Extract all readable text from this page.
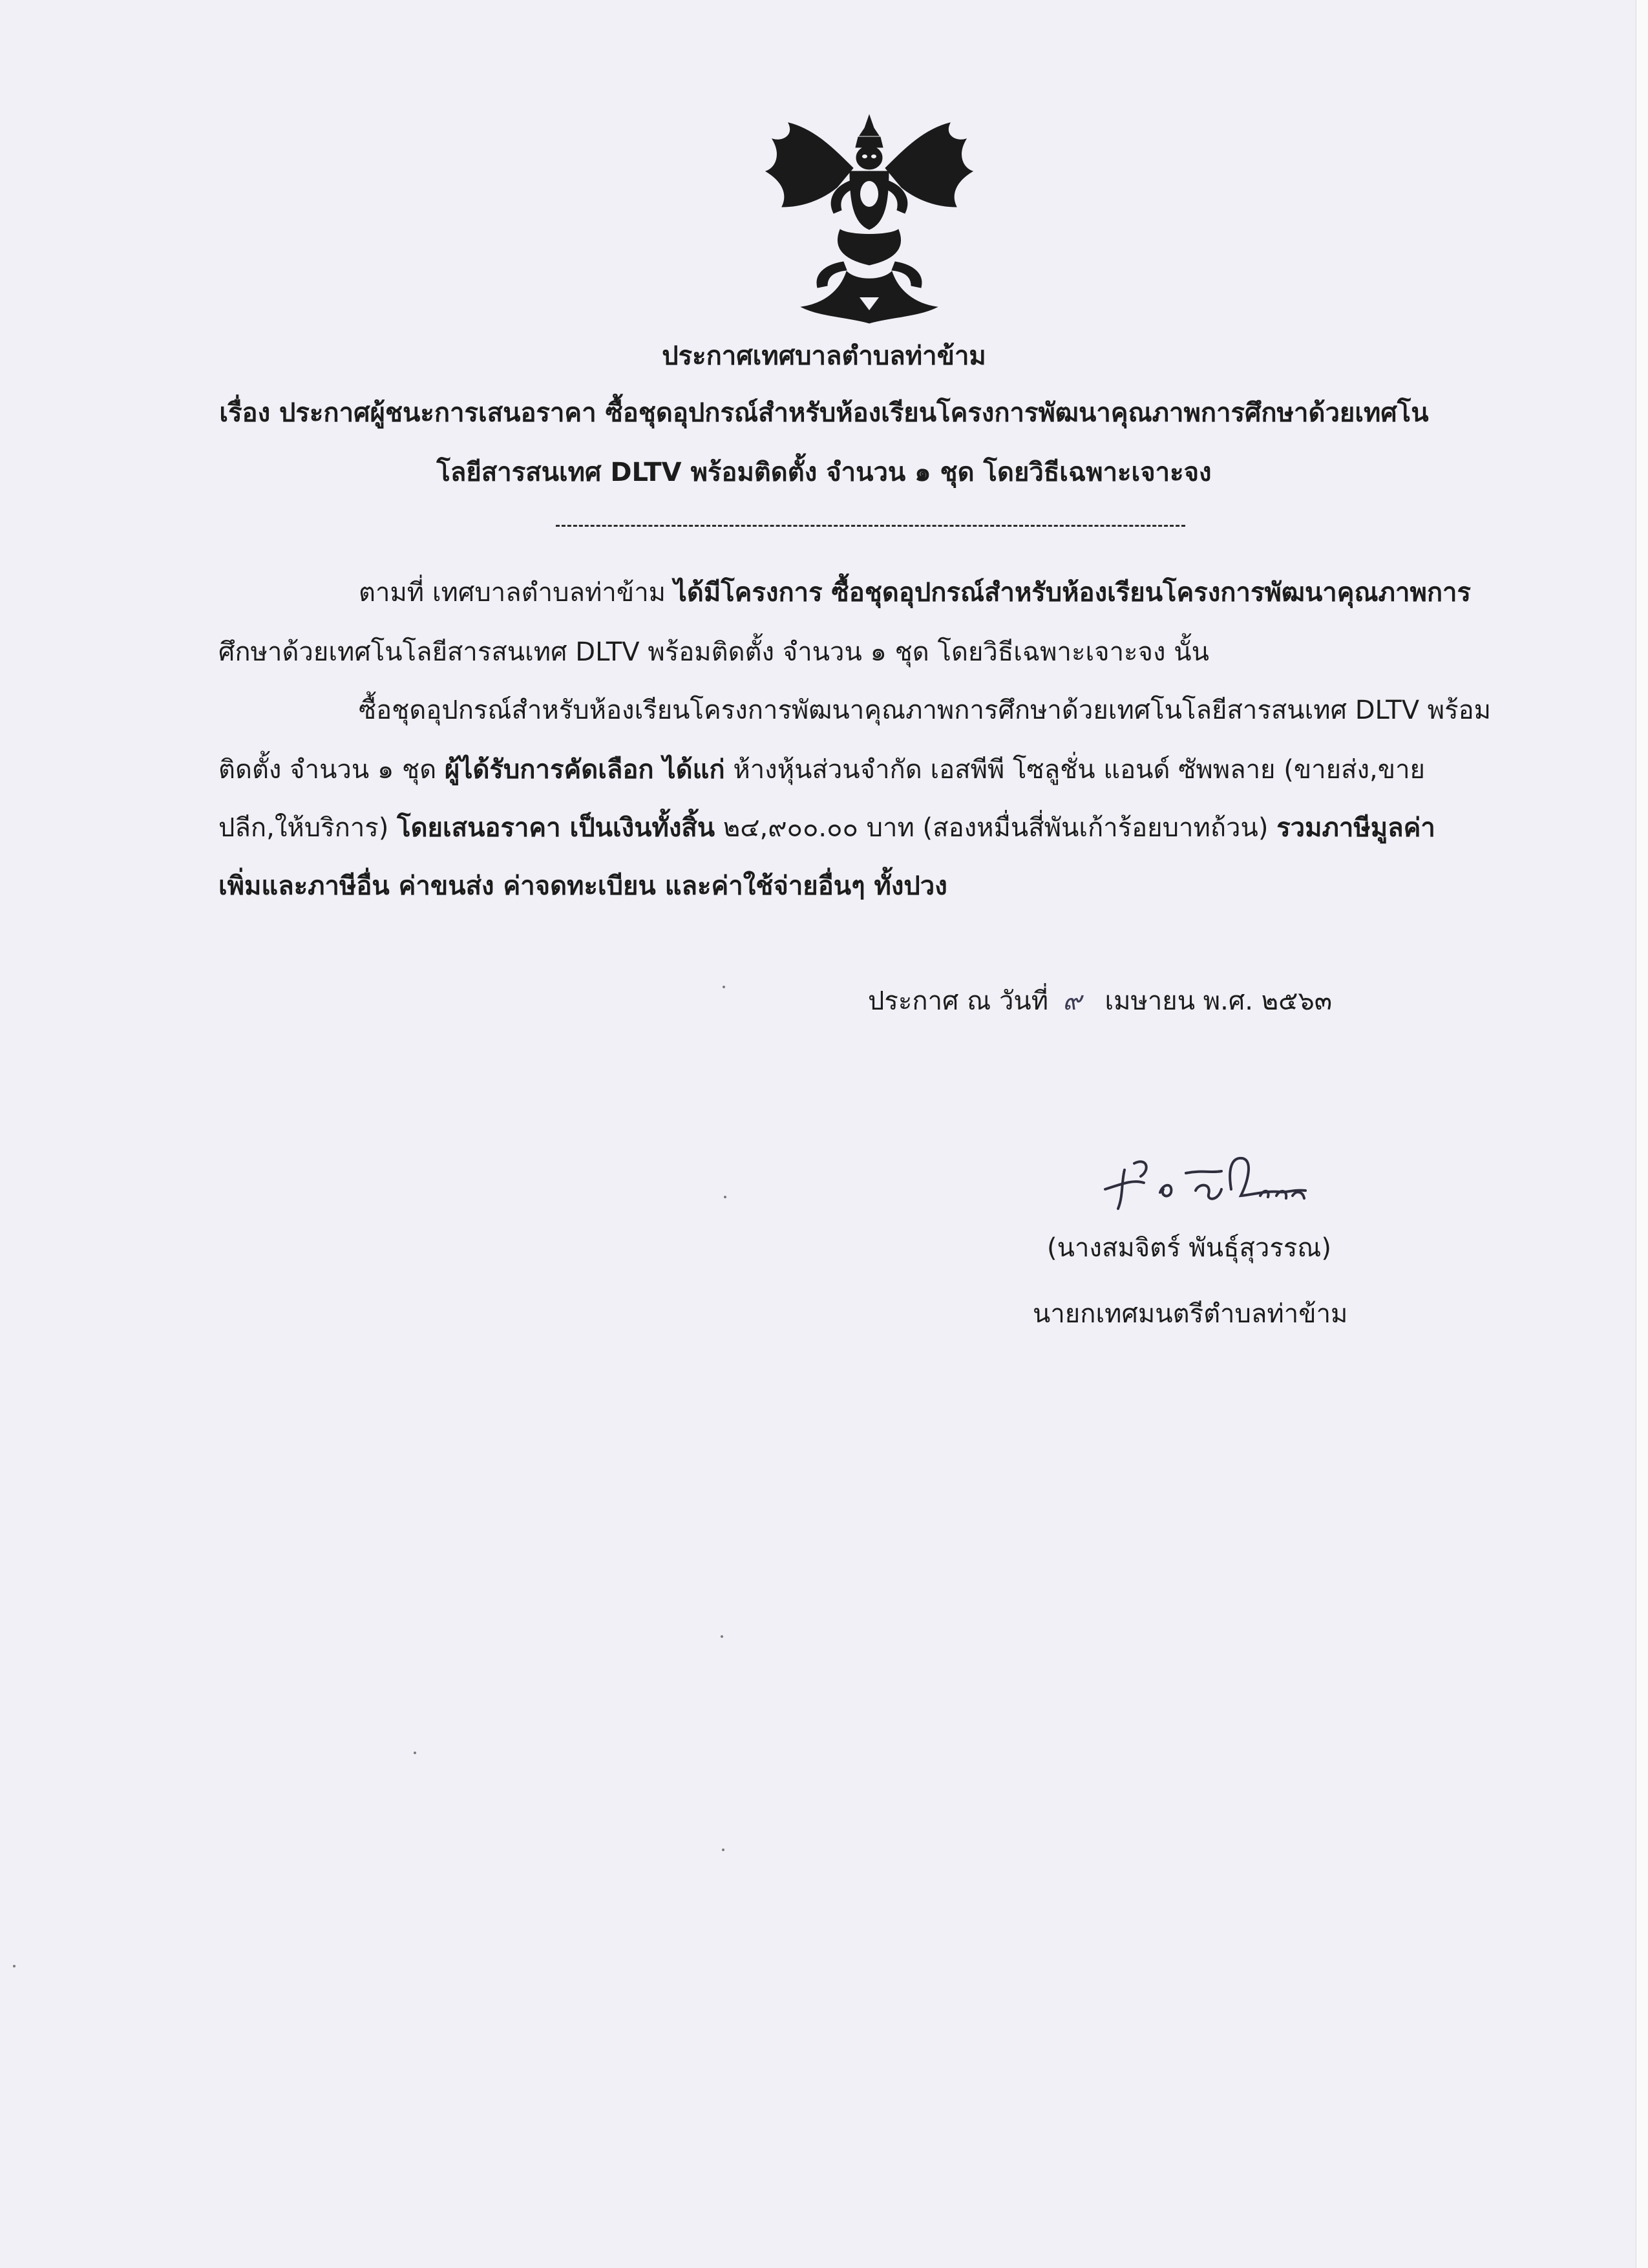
ประกาศเทศบาลตำบลท่าข้าม
เรื่อง ประกาศผู้ชนะการเสนอราคา ซื้อชุดอุปกรณ์สำหรับห้องเรียนโครงการพัฒนาคุณภาพการศึกษาด้วยเทศโน
โลยีสารสนเทศ DLTV พร้อมติดตั้ง จำนวน ๑ ชุด โดยวิธีเฉพาะเจาะจง
ตามที่ เทศบาลตำบลท่าข้าม ได้มีโครงการ ซื้อชุดอุปกรณ์สำหรับห้องเรียนโครงการพัฒนาคุณภาพการ
ศึกษาด้วยเทศโนโลยีสารสนเทศ DLTV พร้อมติดตั้ง จำนวน ๑ ชุด โดยวิธีเฉพาะเจาะจง นั้น
ซื้อชุดอุปกรณ์สำหรับห้องเรียนโครงการพัฒนาคุณภาพการศึกษาด้วยเทศโนโลยีสารสนเทศ DLTV พร้อม
ติดตั้ง จำนวน ๑ ชุด ผู้ได้รับการคัดเลือก ได้แก่ ห้างหุ้นส่วนจำกัด เอสพีพี โซลูชั่น แอนด์ ซัพพลาย (ขายส่ง,ขาย
ปลีก,ให้บริการ) โดยเสนอราคา เป็นเงินทั้งสิ้น ๒๔,๙๐๐.๐๐ บาท (สองหมื่นสี่พันเก้าร้อยบาทถ้วน) รวมภาษีมูลค่า
เพิ่มและภาษีอื่น ค่าขนส่ง ค่าจดทะเบียน และค่าใช้จ่ายอื่นๆ ทั้งปวง
ประกาศ ณ วันที่ ๙ เมษายน พ.ศ. ๒๕๖๓
(นางสมจิตร์ พันธุ์สุวรรณ)
นายกเทศมนตรีตำบลท่าข้าม
